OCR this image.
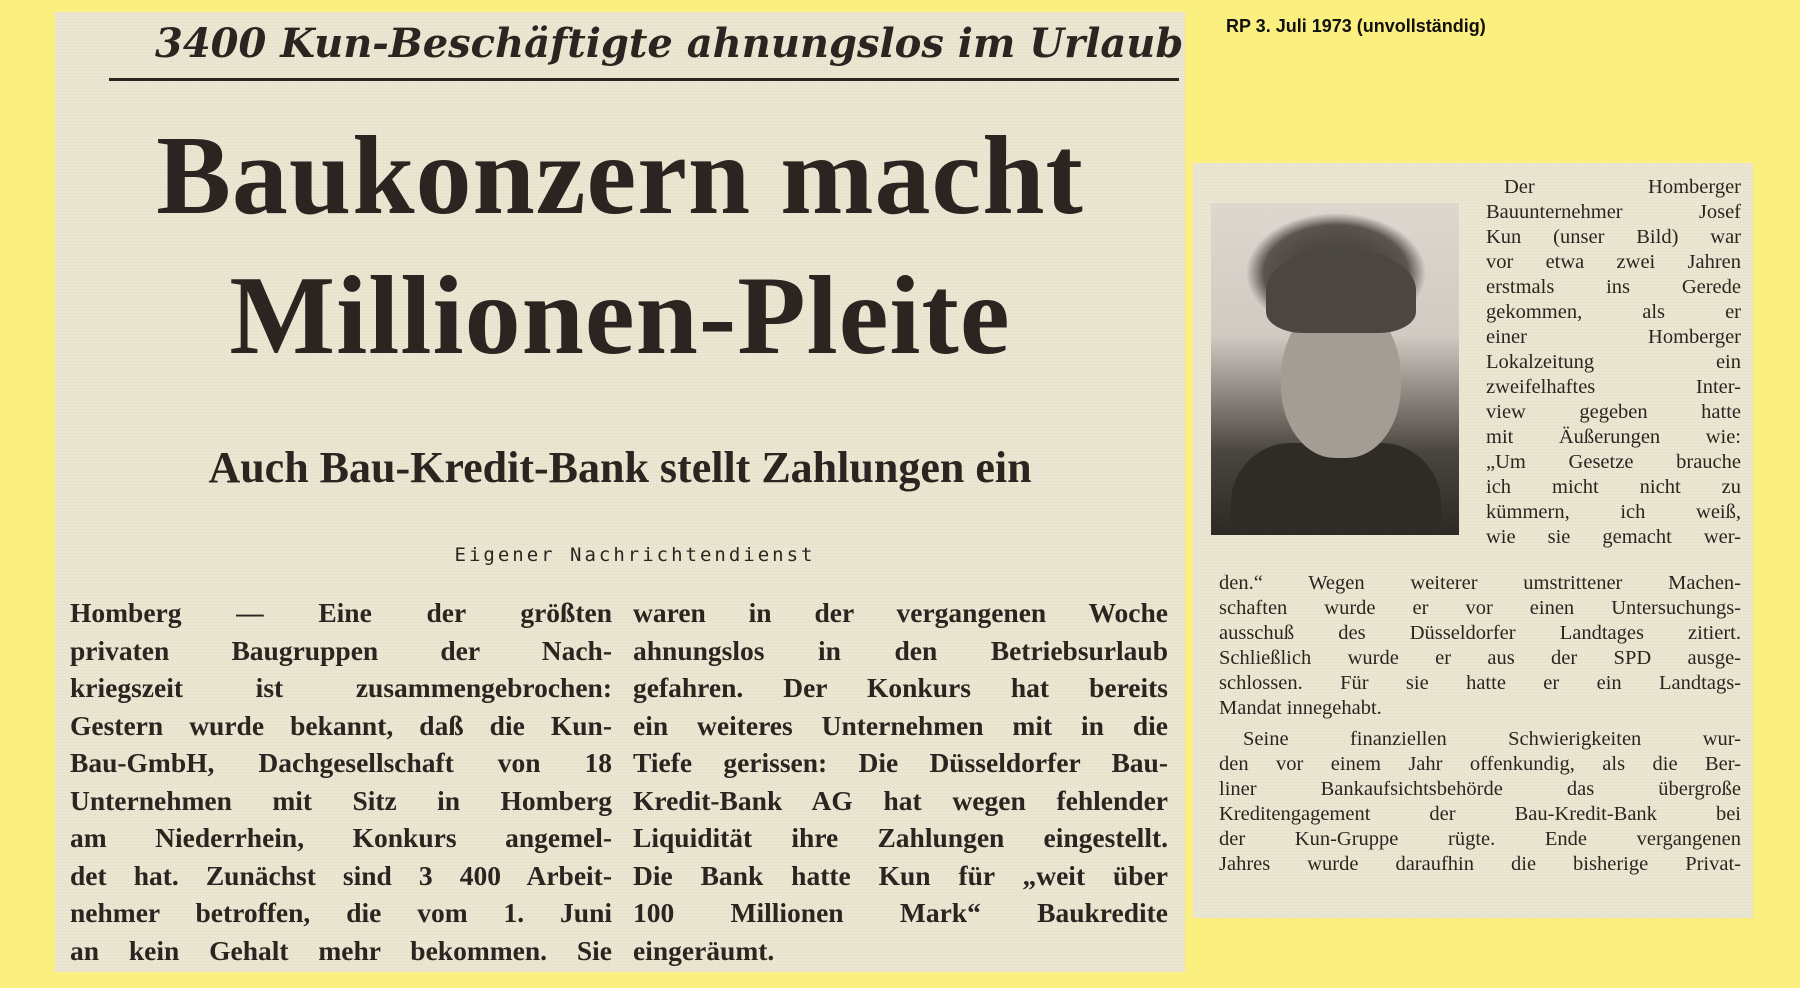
RP 3. Juli 1973 (unvollständig)
3400 Kun-Beschäftigte ahnungslos im Urlaub
Baukonzern macht
Millionen-Pleite
Auch Bau-Kredit-Bank stellt Zahlungen ein
Eigener Nachrichtendienst
Homberg — Eine der größten
privaten Baugruppen der Nach-
kriegszeit ist zusammengebrochen:
Gestern wurde bekannt, daß die Kun-
Bau-GmbH, Dachgesellschaft von 18
Unternehmen mit Sitz in Homberg
am Niederrhein, Konkurs angemel-
det hat. Zunächst sind 3 400 Arbeit-
nehmer betroffen, die vom 1. Juni
an kein Gehalt mehr bekommen. Sie
waren in der vergangenen Woche
ahnungslos in den Betriebsurlaub
gefahren. Der Konkurs hat bereits
ein weiteres Unternehmen mit in die
Tiefe gerissen: Die Düsseldorfer Bau-
Kredit-Bank AG hat wegen fehlender
Liquidität ihre Zahlungen eingestellt.
Die Bank hatte Kun für „weit über
100 Millionen Mark“ Baukredite
eingeräumt.
Der Homberger
Bauunternehmer Josef
Kun (unser Bild) war
vor etwa zwei Jahren
erstmals ins Gerede
gekommen, als er
einer Homberger
Lokalzeitung ein
zweifelhaftes Inter-
view gegeben hatte
mit Äußerungen wie:
„Um Gesetze brauche
ich micht nicht zu
kümmern, ich weiß,
wie sie gemacht wer-
den.“ Wegen weiterer umstrittener Machen-
schaften wurde er vor einen Untersuchungs-
ausschuß des Düsseldorfer Landtages zitiert.
Schließlich wurde er aus der SPD ausge-
schlossen. Für sie hatte er ein Landtags-
Mandat innegehabt.
Seine finanziellen Schwierigkeiten wur-
den vor einem Jahr offenkundig, als die Ber-
liner Bankaufsichtsbehörde das übergroße
Kreditengagement der Bau-Kredit-Bank bei
der Kun-Gruppe rügte. Ende vergangenen
Jahres wurde daraufhin die bisherige Privat-
